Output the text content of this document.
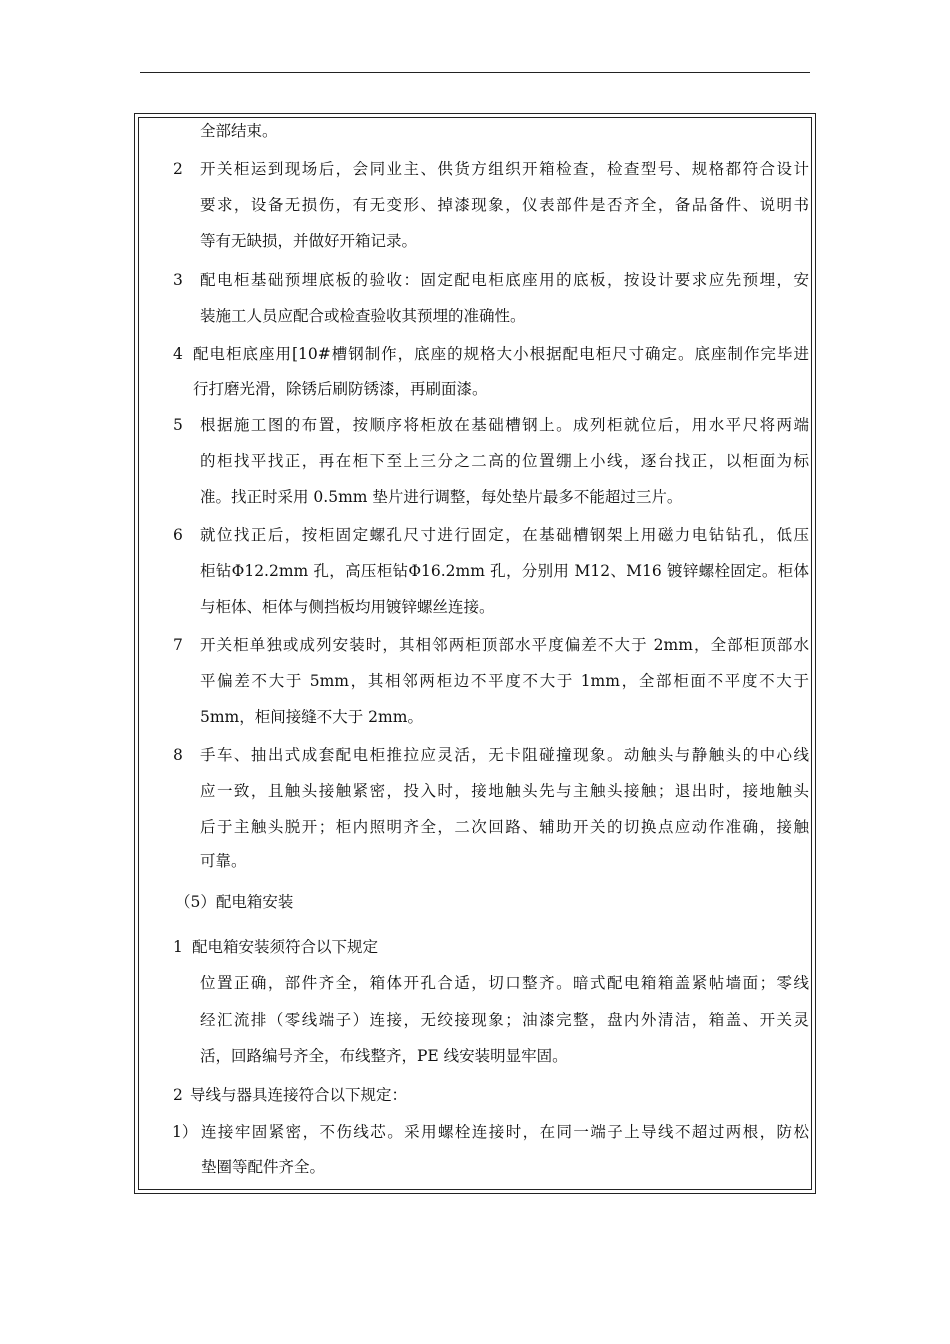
全部结束。
2 开关柜运到现场后，会同业主、供货方组织开箱检查，检查型号、规格都符合设计
要求，设备无损伤，有无变形、掉漆现象，仪表部件是否齐全，备品备件、说明书
等有无缺损，并做好开箱记录。
3 配电柜基础预埋底板的验收：固定配电柜底座用的底板，按设计要求应先预埋，安
装施工人员应配合或检查验收其预埋的准确性。
4 配电柜底座用[10#槽钢制作，底座的规格大小根据配电柜尺寸确定。底座制作完毕进
行打磨光滑，除锈后刷防锈漆，再刷面漆。
5 根据施工图的布置，按顺序将柜放在基础槽钢上。成列柜就位后，用水平尺将两端
的柜找平找正，再在柜下至上三分之二高的位置绷上小线，逐台找正，以柜面为标
准。找正时采用 0.5mm 垫片进行调整，每处垫片最多不能超过三片。
6 就位找正后，按柜固定螺孔尺寸进行固定，在基础槽钢架上用磁力电钻钻孔，低压
柜钻Φ12.2mm 孔，高压柜钻Φ16.2mm 孔，分别用 M12、M16 镀锌螺栓固定。柜体
与柜体、柜体与侧挡板均用镀锌螺丝连接。
7 开关柜单独或成列安装时，其相邻两柜顶部水平度偏差不大于 2mm，全部柜顶部水
平偏差不大于 5mm，其相邻两柜边不平度不大于 1mm，全部柜面不平度不大于
5mm，柜间接缝不大于 2mm。
8 手车、抽出式成套配电柜推拉应灵活，无卡阻碰撞现象。动触头与静触头的中心线
应一致，且触头接触紧密，投入时，接地触头先与主触头接触；退出时，接地触头
后于主触头脱开；柜内照明齐全，二次回路、辅助开关的切换点应动作准确，接触
可靠。
（5）配电箱安装
1 配电箱安装须符合以下规定
位置正确，部件齐全，箱体开孔合适，切口整齐。暗式配电箱箱盖紧帖墙面；零线
经汇流排（零线端子）连接，无绞接现象；油漆完整，盘内外清洁，箱盖、开关灵
活，回路编号齐全，布线整齐，PE 线安装明显牢固。
2 导线与器具连接符合以下规定：
1） 连接牢固紧密，不伤线芯。采用螺栓连接时，在同一端子上导线不超过两根，防松
垫圈等配件齐全。
